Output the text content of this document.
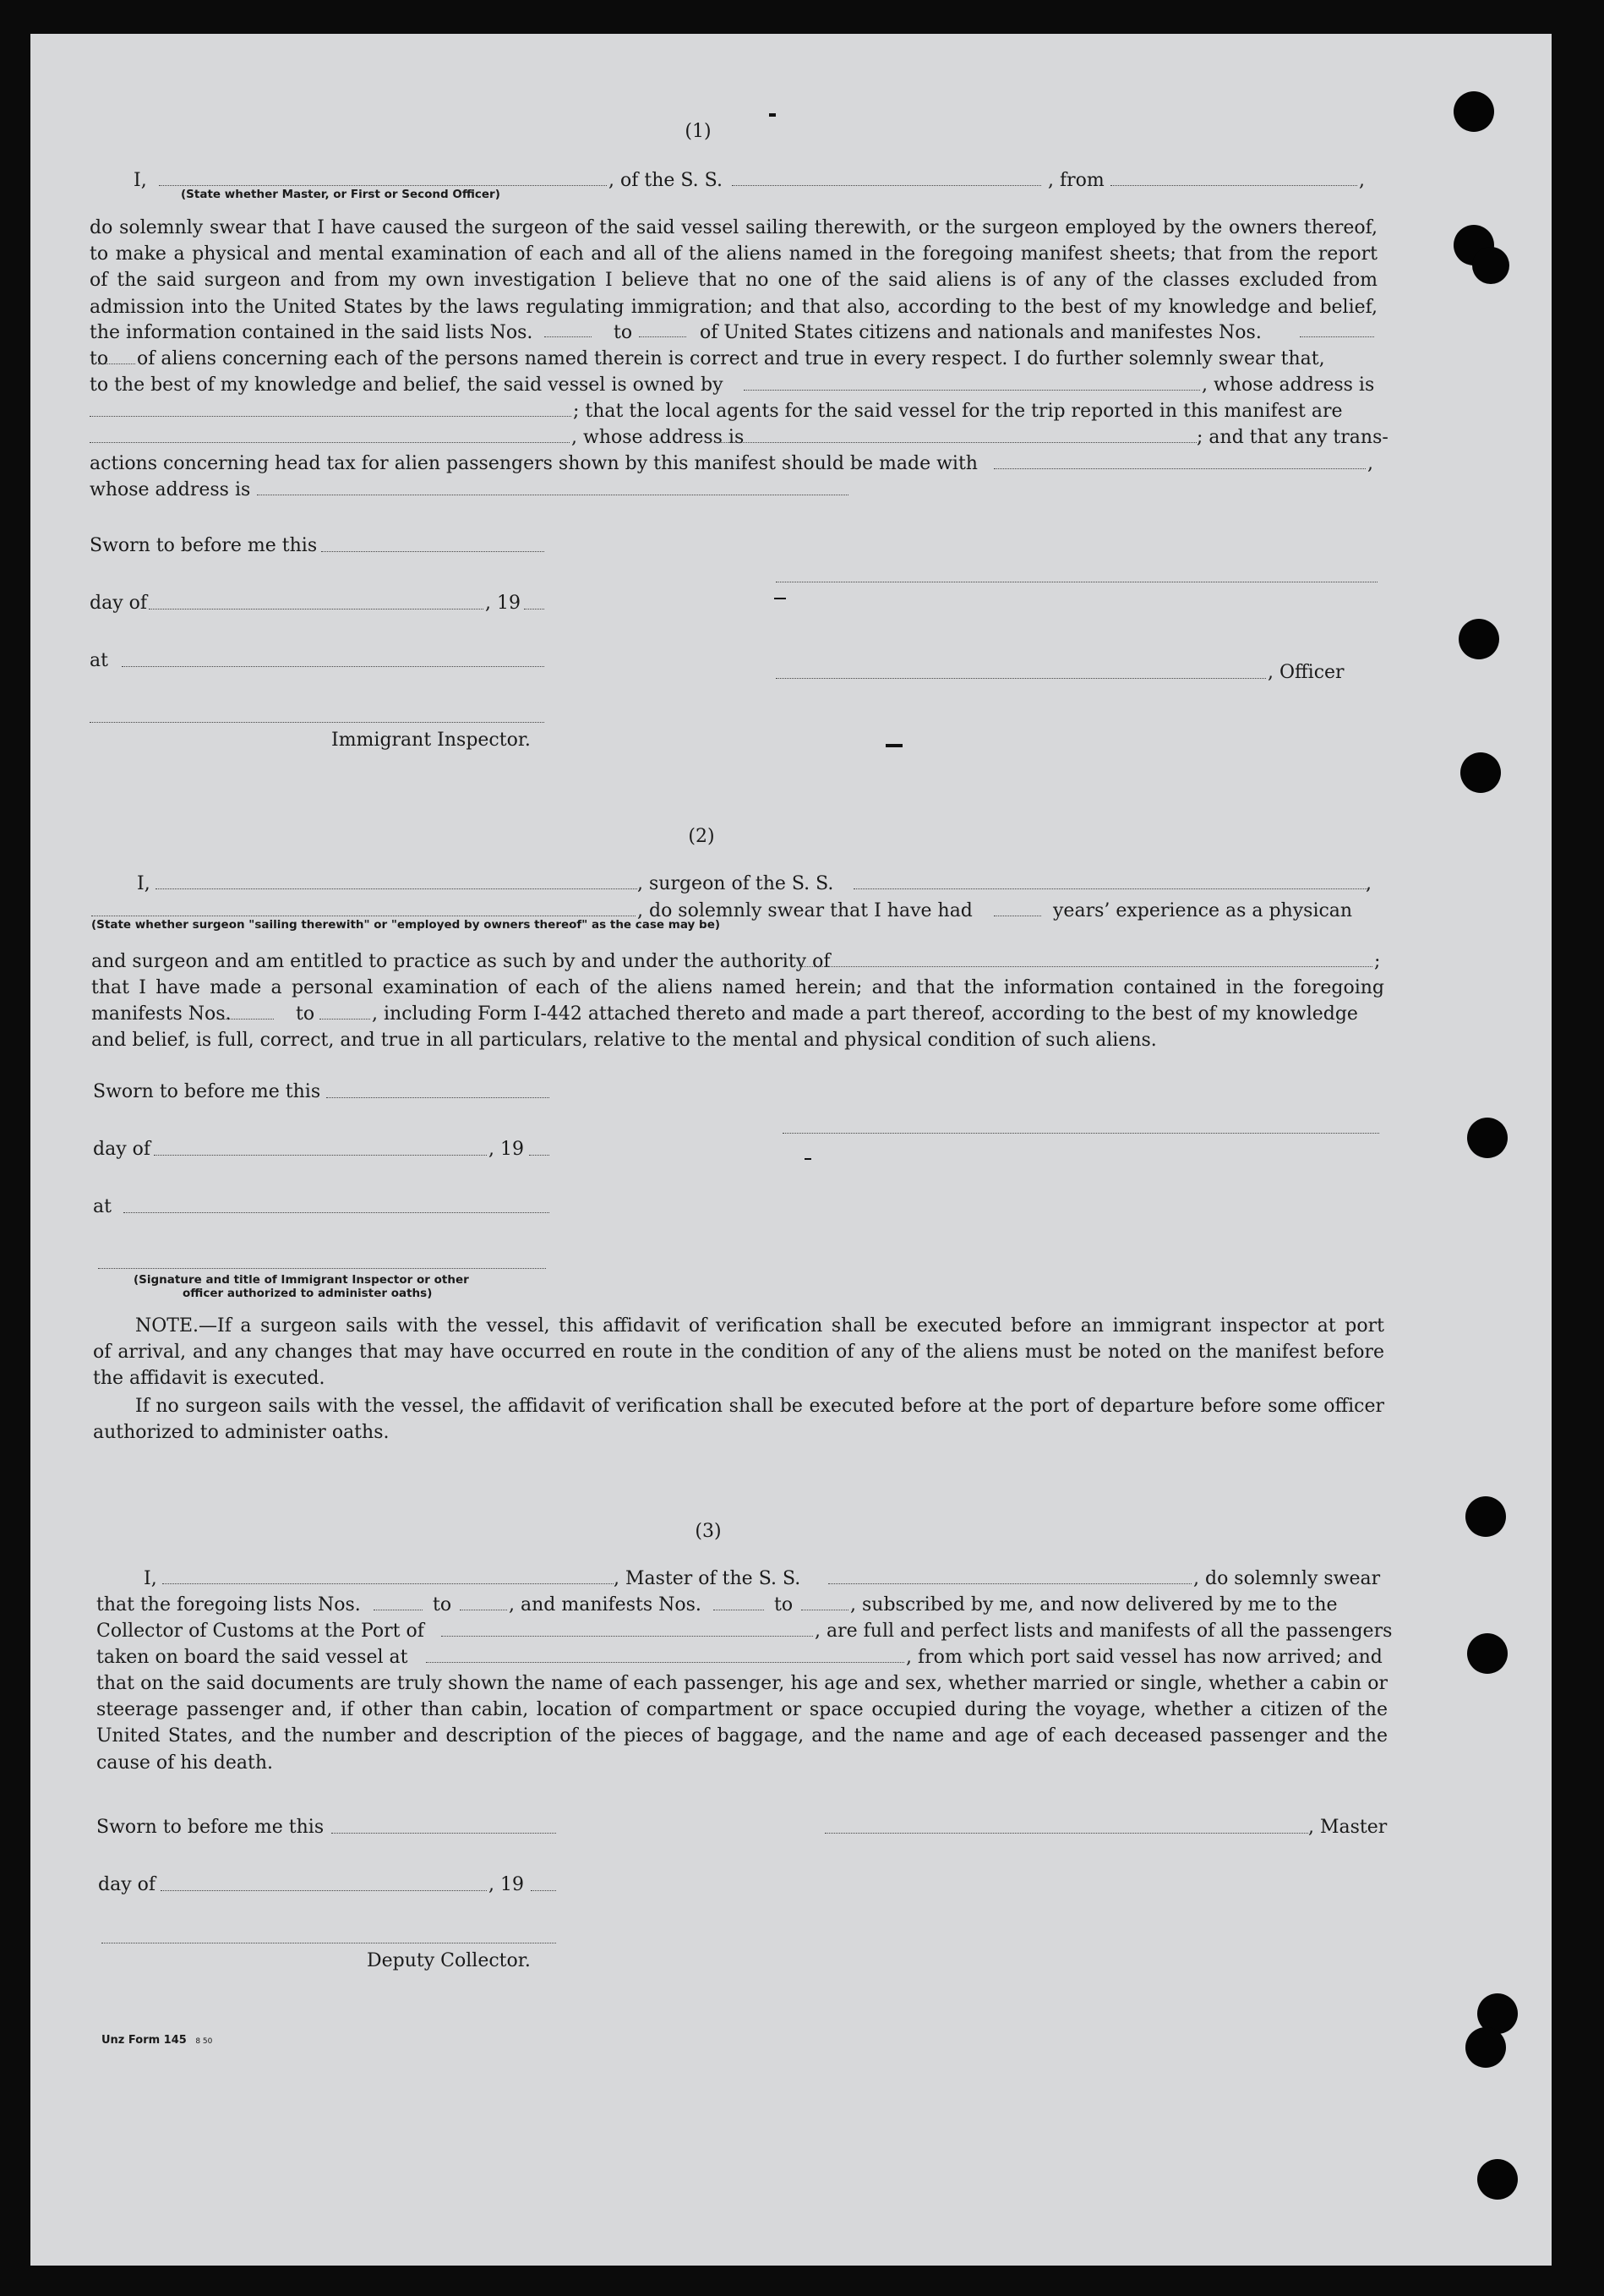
(1)
I,
(State whether Master, or First or Second Officer)
, of the S. S.	, from	,
do solemnly swear that I have caused the surgeon of the said vessel sailing therewith, or the surgeon employed by the owners thereof,
to make a physical and mental examination of each and all of the aliens named in the foregoing manifest sheets; that from the report
of the said surgeon and from my own investigation I believe that no one of the said aliens is of any of the classes excluded from
admission into the United States by the laws regulating immigration; and that also, according to the best of my knowledge and belief,
the information contained in the said lists Nos.	to	of United States citizens and nationals and manifestes Nos.
to of aliens concerning each of the persons named therein is correct and true in every respect. I do further solemnly swear that,
to the best of my knowledge and belief, the said vessel is owned by	, whose address is
; that the local agents for the said vessel for the trip reported in this manifest are
, whose address is	; and that any trans-
actions concerning head tax for alien passengers shown by this manifest should be made with	,
whose address is
Sworn to before me this
day of	, 19
at
, Officer
Immigrant Inspector.
(2)
I,	, surgeon of the S. S.	,
(State whether surgeon "sailing therewith" or "employed by owners thereof" as the case may be)
, do solemnly swear that I have had	years’ experience as a physican
and surgeon and am entitled to practice as such by and under the authority of	;
that I have made a personal examination of each of the aliens named herein; and that the information contained in the foregoing
manifests Nos.	to	, including Form I-442 attached thereto and made a part thereof, according to the best of my knowledge
and belief, is full, correct, and true in all particulars, relative to the mental and physical condition of such aliens.
Sworn to before me this
day of	, 19
at
(Signature and title of Immigrant Inspector or other
officer authorized to administer oaths)
NOTE.—If a surgeon sails with the vessel, this affidavit of verification shall be executed before an immigrant inspector at port
of arrival, and any changes that may have occurred en route in the condition of any of the aliens must be noted on the manifest before
the affidavit is executed.
If no surgeon sails with the vessel, the affidavit of verification shall be executed before at the port of departure before some officer
authorized to administer oaths.
(3)
I,	, Master of the S. S.	, do solemnly swear
that the foregoing lists Nos.	to	, and manifests Nos.	to	, subscribed by me, and now delivered by me to the
Collector of Customs at the Port of	, are full and perfect lists and manifests of all the passengers
taken on board the said vessel at	, from which port said vessel has now arrived; and
that on the said documents are truly shown the name of each passenger, his age and sex, whether married or single, whether a cabin or
steerage passenger and, if other than cabin, location of compartment or space occupied during the voyage, whether a citizen of the
United States, and the number and description of the pieces of baggage, and the name and age of each deceased passenger and the
cause of his death.
Sworn to before me this	, Master
day of	, 19
Deputy Collector.
Unz Form 145 8 50
